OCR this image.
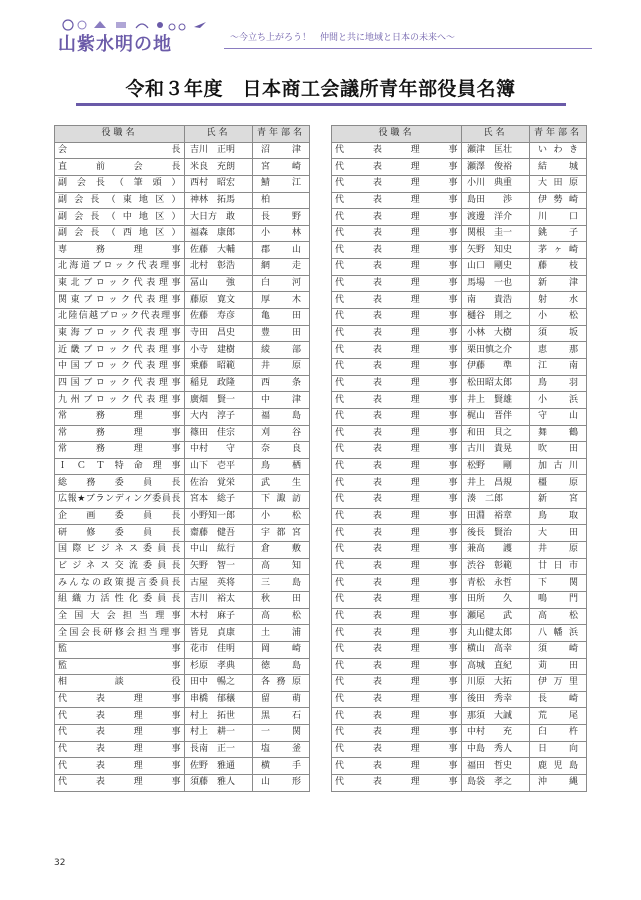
山紫水明の地	〜今立ち上がろう！　仲間と共に地域と日本の未来へ〜
令和３年度　日本商工会議所青年部役員名簿
役職名	氏名	青年部名
会長	吉川　正明	沼津
直前会長	米良　充朗	宮崎
副会長（筆頭）	西村　昭宏	鯖江
副会長（東地区）	神林　拓馬	柏
副会長（中地区）	大日方　敢	長野
副会長（西地区）	福森　康郎	小林
専務理事	佐藤　大輔	郡山
北海道ブロック代表理事	北村　彰浩	網走
東北ブロック代表理事	冨山　　強	白河
関東ブロック代表理事	藤原　寛文	厚木
北陸信越ブロック代表理事	佐藤　寿彦	亀田
東海ブロック代表理事	寺田　昌史	豊田
近畿ブロック代表理事	小寺　建樹	綾部
中国ブロック代表理事	乗藤　昭範	井原
四国ブロック代表理事	稲見　政隆	西条
九州ブロック代表理事	廣畑　賢一	中津
常務理事	大内　淳子	福島
常務理事	篠田　佳宗	刈谷
常務理事	中村　　守	奈良
ＩＣＴ特命理事	山下　壱平	鳥栖
総務委員長	佐治　覚栄	武生
広報★ブランディング委員長	宮本　総子	下諏訪
企画委員長	小野知一郎	小松
研修委員長	齋藤　健吾	宇都宮
国際ビジネス委員長	中山　紘行	倉敷
ビジネス交流委員長	矢野　智一	高知
みんなの政策提言委員長	古屋　英将	三島
組織力活性化委員長	吉川　裕太	秋田
全国大会担当理事	木村　麻子	高松
全国会長研修会担当理事	皆見　貞康	土浦
監事	花市　佳明	岡崎
監事	杉原　孝典	徳島
相談役	田中　暢之	各務原
代表理事	串橋　郁穣	留萌
代表理事	村上　拓世	黒石
代表理事	村上　耕一	一関
代表理事	長南　正一	塩釜
代表理事	佐野　雅通	横手
代表理事	須藤　雅人	山形
役職名	氏名	青年部名
代表理事	瀬津　匡壮	いわき
代表理事	瀬澤　俊裕	結城
代表理事	小川　典重	大田原
代表理事	島田　　渉	伊勢崎
代表理事	渡邊　洋介	川口
代表理事	関根　圭一	銚子
代表理事	矢野　知史	茅ヶ崎
代表理事	山口　剛史	藤枝
代表理事	馬場　一也	新津
代表理事	南　　貴浩	射水
代表理事	樋谷　則之	小松
代表理事	小林　大樹	須坂
代表理事	栗田慎之介	恵那
代表理事	伊藤　　準	江南
代表理事	松田昭太郎	鳥羽
代表理事	井上　賢雄	小浜
代表理事	梶山　晋伴	守山
代表理事	和田　貝之	舞鶴
代表理事	古川　貴晃	吹田
代表理事	松野　　剛	加古川
代表理事	井上　昌規	橿原
代表理事	湊　二郎	新宮
代表理事	田淵　裕章	鳥取
代表理事	後長　賢治	大田
代表理事	兼高　　護	井原
代表理事	渋谷　彰範	廿日市
代表理事	青松　永哲	下関
代表理事	田所　　久	鳴門
代表理事	瀬尾　　武	高松
代表理事	丸山健太郎	八幡浜
代表理事	横山　高幸	須崎
代表理事	高城　直紀	苅田
代表理事	川原　大拓	伊万里
代表理事	後田　秀幸	長崎
代表理事	那須　大誠	荒尾
代表理事	中村　　充	臼杵
代表理事	中島　秀人	日向
代表理事	福田　哲史	鹿児島
代表理事	島袋　孝之	沖縄
32
